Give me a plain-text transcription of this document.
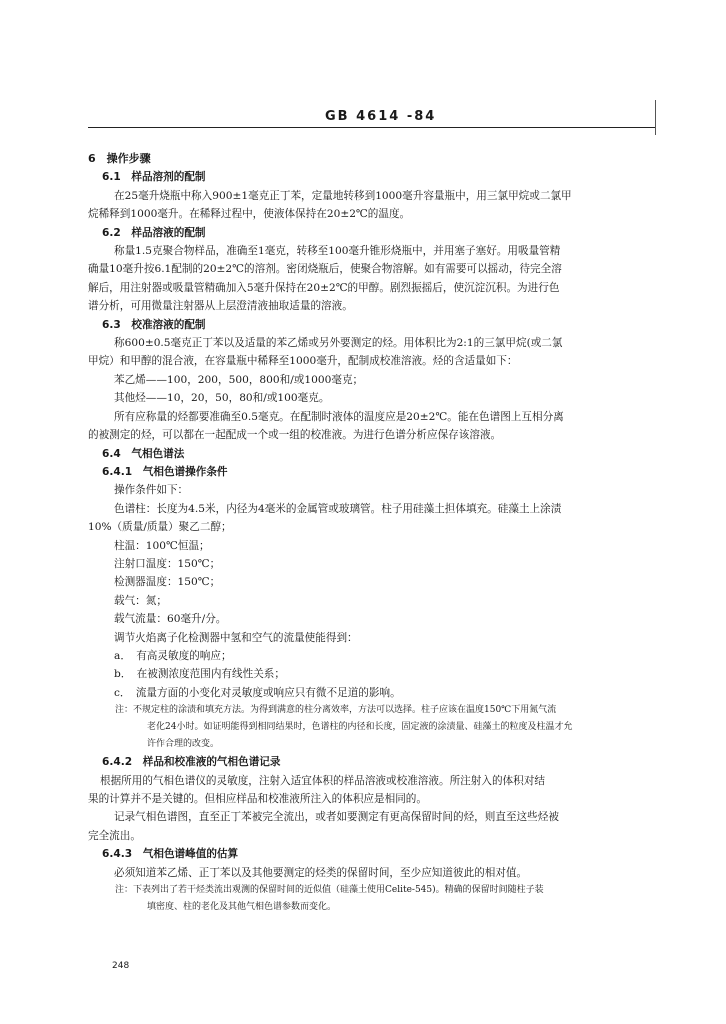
GB 4614 -84

6　操作步骤

6.1　样品溶剂的配制

在25毫升烧瓶中称入900±1毫克正丁苯，定量地转移到1000毫升容量瓶中，用三氯甲烷或二氯甲

烷稀释到1000毫升。在稀释过程中，使液体保持在20±2℃的温度。

6.2　样品溶液的配制

称量1.5克聚合物样品，准确至1毫克，转移至100毫升锥形烧瓶中，并用塞子塞好。用吸量管精

确量10毫升按6.1配制的20±2℃的溶剂。密闭烧瓶后，使聚合物溶解。如有需要可以摇动，待完全溶

解后，用注射器或吸量管精确加入5毫升保持在20±2℃的甲醇。剧烈振摇后，使沉淀沉积。为进行色

谱分析，可用微量注射器从上层澄清液抽取适量的溶液。

6.3　校准溶液的配制

称600±0.5毫克正丁苯以及适量的苯乙烯或另外要测定的烃。用体积比为2:1的三氯甲烷(或二氯

甲烷）和甲醇的混合液，在容量瓶中稀释至1000毫升，配制成校准溶液。烃的含适量如下：

苯乙烯——100，200，500，800和/或1000毫克；

其他烃——10，20，50，80和/或100毫克。

所有应称量的烃都要准确至0.5毫克。在配制时液体的温度应是20±2℃。能在色谱图上互相分离

的被测定的烃，可以都在一起配成一个或一组的校准液。为进行色谱分析应保存该溶液。

6.4　气相色谱法

6.4.1　气相色谱操作条件

操作条件如下：

色谱柱：长度为4.5米，内径为4毫米的金属管或玻璃管。柱子用硅藻土担体填充。硅藻土上涂渍

10%（质量/质量）聚乙二醇；

柱温：100℃恒温；

注射口温度：150℃；

检测器温度：150℃；

载气：氮；

载气流量：60毫升/分。

调节火焰离子化检测器中氢和空气的流量使能得到：

a．　有高灵敏度的响应；

b．　在被测浓度范围内有线性关系；

c．　流量方面的小变化对灵敏度或响应只有微不足道的影响。

　　　注：不规定柱的涂渍和填充方法。为得到满意的柱分离效率，方法可以选择。柱子应该在温度150℃下用氮气流

　　　老化24小时。如证明能得到相同结果时，色谱柱的内径和长度，固定液的涂渍量、硅藻土的粒度及柱温才允

　　　许作合理的改变。

6.4.2　样品和校准液的气相色谱记录

根据所用的气相色谱仪的灵敏度，注射入适宜体积的样品溶液或校准溶液。所注射入的体积对结

果的计算并不是关键的。但相应样品和校准液所注入的体积应是相同的。

记录气相色谱图，直至正丁苯被完全流出，或者如要测定有更高保留时间的烃，则直至这些烃被

完全流出。

6.4.3　气相色谱峰值的估算

必须知道苯乙烯、正丁苯以及其他要测定的烃类的保留时间，至少应知道彼此的相对值。

　　　注：下表列出了若干烃类流出观测的保留时间的近似值（硅藻土使用Celite-545)。精确的保留时间随柱子装

　　　填密度、柱的老化及其他气相色谱参数而变化。

248
